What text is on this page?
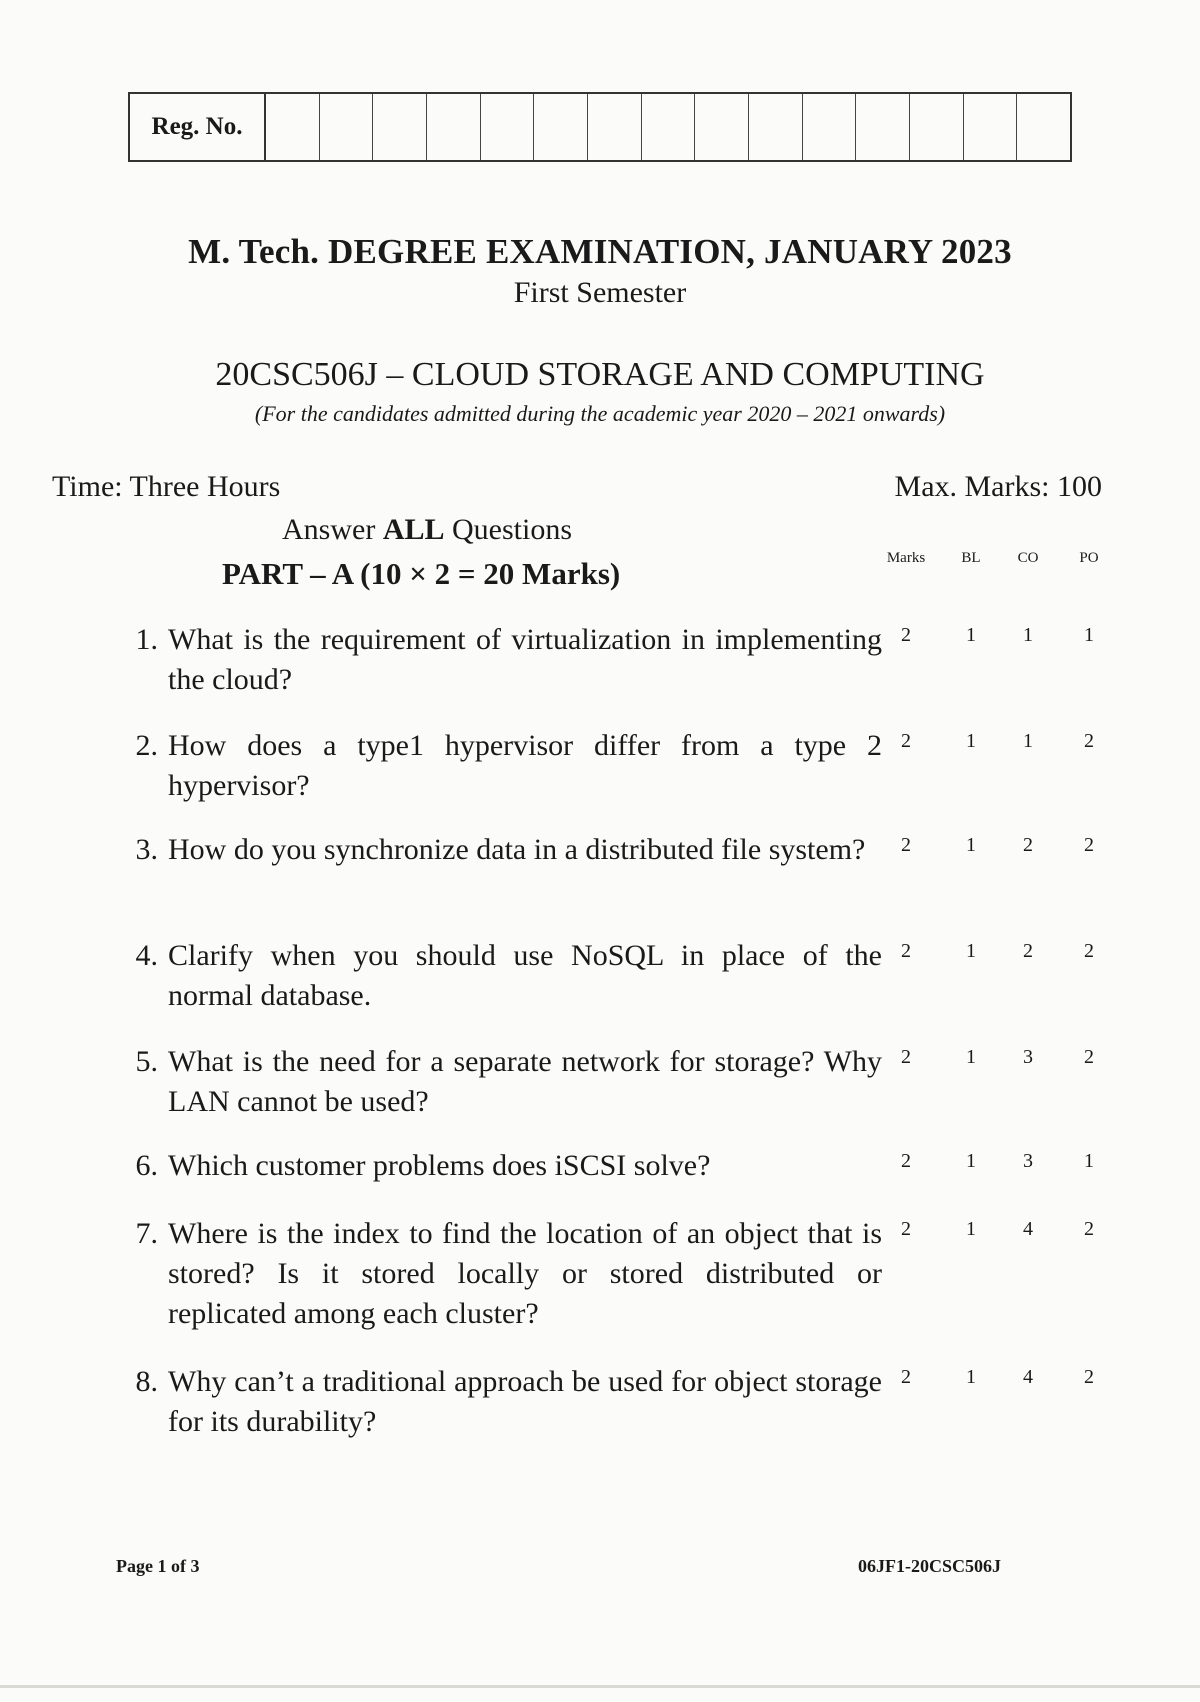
Reg. No.
M. Tech. DEGREE EXAMINATION, JANUARY 2023
First Semester
20CSC506J – CLOUD STORAGE AND COMPUTING
(For the candidates admitted during the academic year 2020 – 2021 onwards)
Time: Three Hours	Max. Marks: 100
Answer ALL Questions
PART – A (10 × 2 = 20 Marks)	Marks	BL	CO	PO
1. What is the requirement of virtualization in implementing the cloud?
2	1	1	1
2. How does a type1 hypervisor differ from a type 2 hypervisor?
2	1	1	2
3. How do you synchronize data in a distributed file system?	2	1	2	2
4. Clarify when you should use NoSQL in place of the normal database.
2	1	2	2
5. What is the need for a separate network for storage? Why LAN cannot be used?
2	1	3	2
6. Which customer problems does iSCSI solve?	2	1	3	1
7. Where is the index to find the location of an object that is stored? Is it stored locally or stored distributed or replicated among each cluster?
2	1	4	2
8. Why can’t a traditional approach be used for object storage for its durability?
2	1	4	2
Page 1 of 3	06JF1-20CSC506J
